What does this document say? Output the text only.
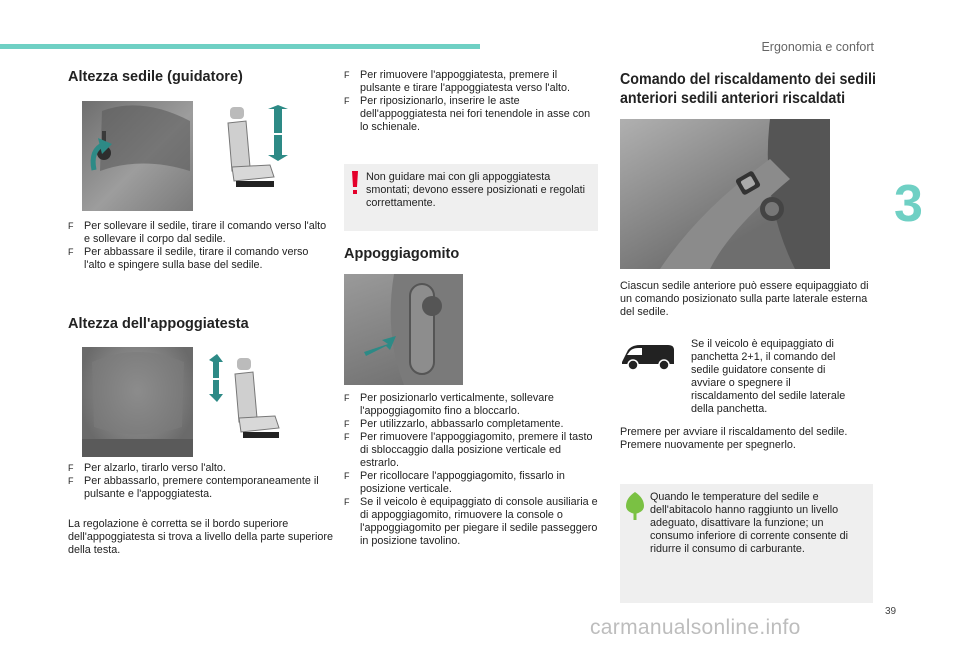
Ergonomia e confort
3
Altezza sedile (guidatore)
F Per sollevare il sedile, tirare il comando verso l'alto e sollevare il corpo dal sedile.
F Per abbassare il sedile, tirare il comando verso l'alto e spingere sulla base del sedile.
Altezza dell'appoggiatesta
F Per alzarlo, tirarlo verso l'alto.
F Per abbassarlo, premere contemporaneamente il pulsante e l'appoggiatesta.

La regolazione è corretta se il bordo superiore dell'appoggiatesta si trova a livello della parte superiore della testa.

F Per rimuovere l'appoggiatesta, premere il pulsante e tirare l'appoggiatesta verso l'alto.
F Per riposizionarlo, inserire le aste dell'appoggiatesta nei fori tenendole in asse con lo schienale.

Non guidare mai con gli appoggiatesta smontati; devono essere posizionati e regolati correttamente.

Appoggiagomito
F Per posizionarlo verticalmente, sollevare l'appoggiagomito fino a bloccarlo.
F Per utilizzarlo, abbassarlo completamente.
F Per rimuovere l'appoggiagomito, premere il tasto di sbloccaggio dalla posizione verticale ed estrarlo.
F Per ricollocare l'appoggiagomito, fissarlo in posizione verticale.
F Se il veicolo è equipaggiato di console ausiliaria e di appoggiagomito, rimuovere la console o l'appoggiagomito per piegare il sedile passeggero in posizione tavolino.
Comando del riscaldamento dei sedili
anteriori sedili anteriori riscaldati

Ciascun sedile anteriore può essere equipaggiato di un comando posizionato sulla parte laterale esterna del sedile.

Se il veicolo è equipaggiato di panchetta 2+1, il comando del sedile guidatore consente di avviare o spegnere il riscaldamento del sedile laterale della panchetta.

Premere per avviare il riscaldamento del sedile. Premere nuovamente per spegnerlo.

Quando le temperature del sedile e dell'abitacolo hanno raggiunto un livello adeguato, disattivare la funzione; un consumo inferiore di corrente consente di ridurre il consumo di carburante.

39
carmanualsonline.info
